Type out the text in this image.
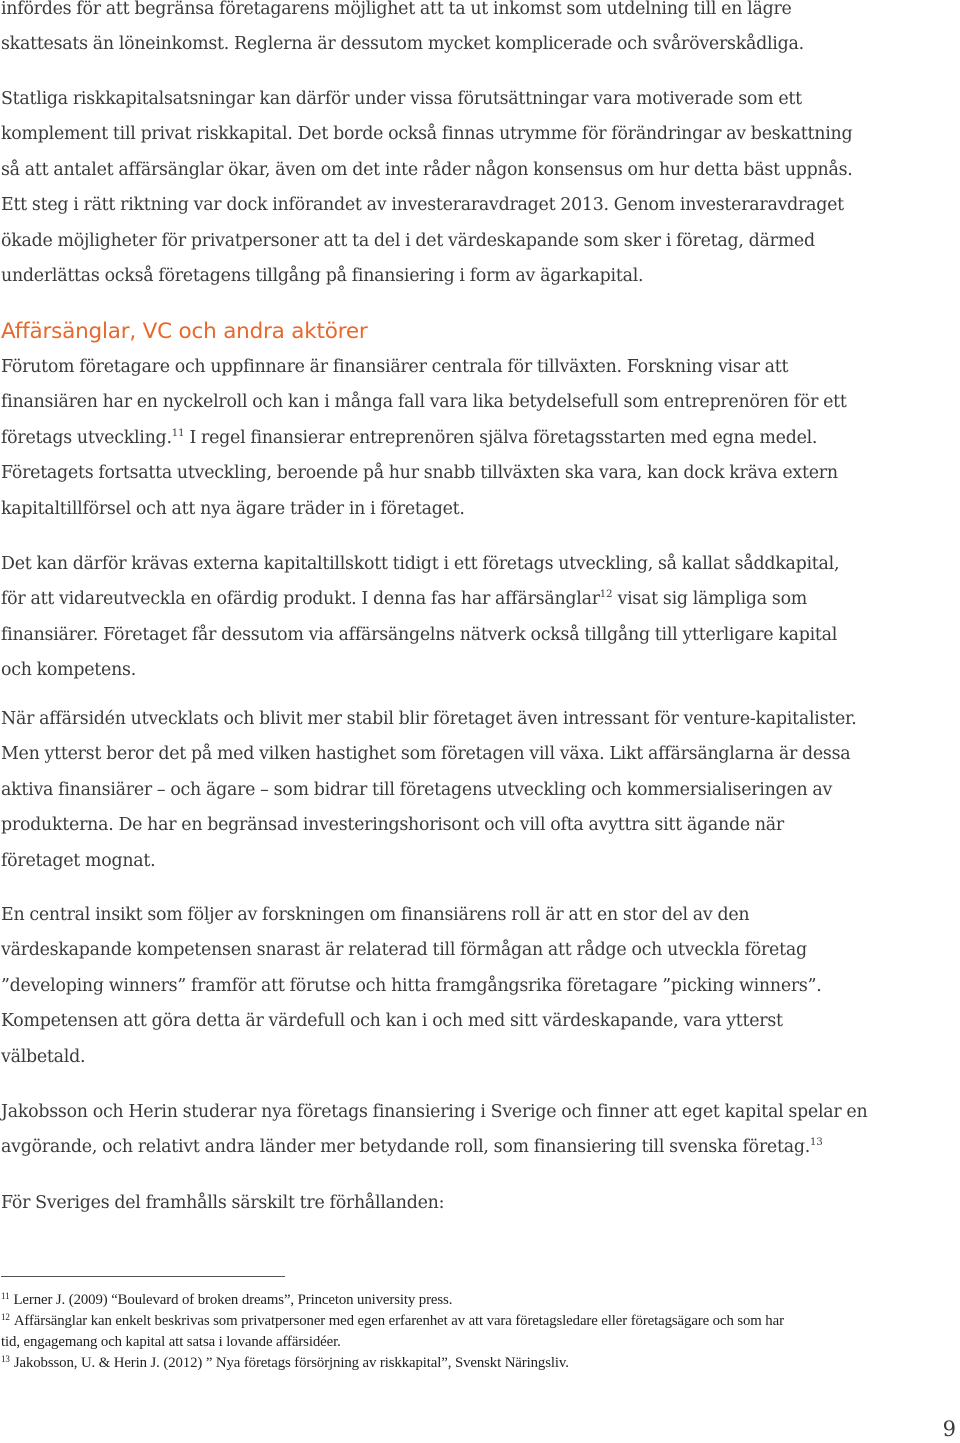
infördes för att begränsa företagarens möjlighet att ta ut inkomst som utdelning till en lägre
skattesats än löneinkomst. Reglerna är dessutom mycket komplicerade och svåröverskådliga.

Statliga riskkapitalsatsningar kan därför under vissa förutsättningar vara motiverade som ett
komplement till privat riskkapital. Det borde också finnas utrymme för förändringar av beskattning
så att antalet affärsänglar ökar, även om det inte råder någon konsensus om hur detta bäst uppnås.
Ett steg i rätt riktning var dock införandet av investeraravdraget 2013. Genom investeraravdraget
ökade möjligheter för privatpersoner att ta del i det värdeskapande som sker i företag, därmed
underlättas också företagens tillgång på finansiering i form av ägarkapital.

Affärsänglar, VC och andra aktörer

Förutom företagare och uppfinnare är finansiärer centrala för tillväxten. Forskning visar att
finansiären har en nyckelroll och kan i många fall vara lika betydelsefull som entreprenören för ett
företags utveckling.$^{11}$ I regel finansierar entreprenören själva företagsstarten med egna medel.
Företagets fortsatta utveckling, beroende på hur snabb tillväxten ska vara, kan dock kräva extern
kapitaltillförsel och att nya ägare träder in i företaget.

Det kan därför krävas externa kapitaltillskott tidigt i ett företags utveckling, så kallat såddkapital,
för att vidareutveckla en ofärdig produkt. I denna fas har affärsänglar$^{12}$ visat sig lämpliga som
finansiärer. Företaget får dessutom via affärsängelns nätverk också tillgång till ytterligare kapital
och kompetens.

När affärsidén utvecklats och blivit mer stabil blir företaget även intressant för venture-kapitalister.
Men ytterst beror det på med vilken hastighet som företagen vill växa. Likt affärsänglarna är dessa
aktiva finansiärer – och ägare – som bidrar till företagens utveckling och kommersialiseringen av
produkterna. De har en begränsad investeringshorisont och vill ofta avyttra sitt ägande när
företaget mognat.

En central insikt som följer av forskningen om finansiärens roll är att en stor del av den
värdeskapande kompetensen snarast är relaterad till förmågan att rådge och utveckla företag
”developing winners” framför att förutse och hitta framgångsrika företagare ”picking winners”.
Kompetensen att göra detta är värdefull och kan i och med sitt värdeskapande, vara ytterst
välbetald.

Jakobsson och Herin studerar nya företags finansiering i Sverige och finner att eget kapital spelar en
avgörande, och relativt andra länder mer betydande roll, som finansiering till svenska företag.$^{13}$

För Sveriges del framhålls särskilt tre förhållanden:

$^{11}$ Lerner J. (2009) “Boulevard of broken dreams”, Princeton university press.

$^{12}$ Affärsänglar kan enkelt beskrivas som privatpersoner med egen erfarenhet av att vara företagsledare eller företagsägare och som har
tid, engagemang och kapital att satsa i lovande affärsidéer.

$^{13}$ Jakobsson, U. & Herin J. (2012) ” Nya företags försörjning av riskkapital”, Svenskt Näringsliv.

9
